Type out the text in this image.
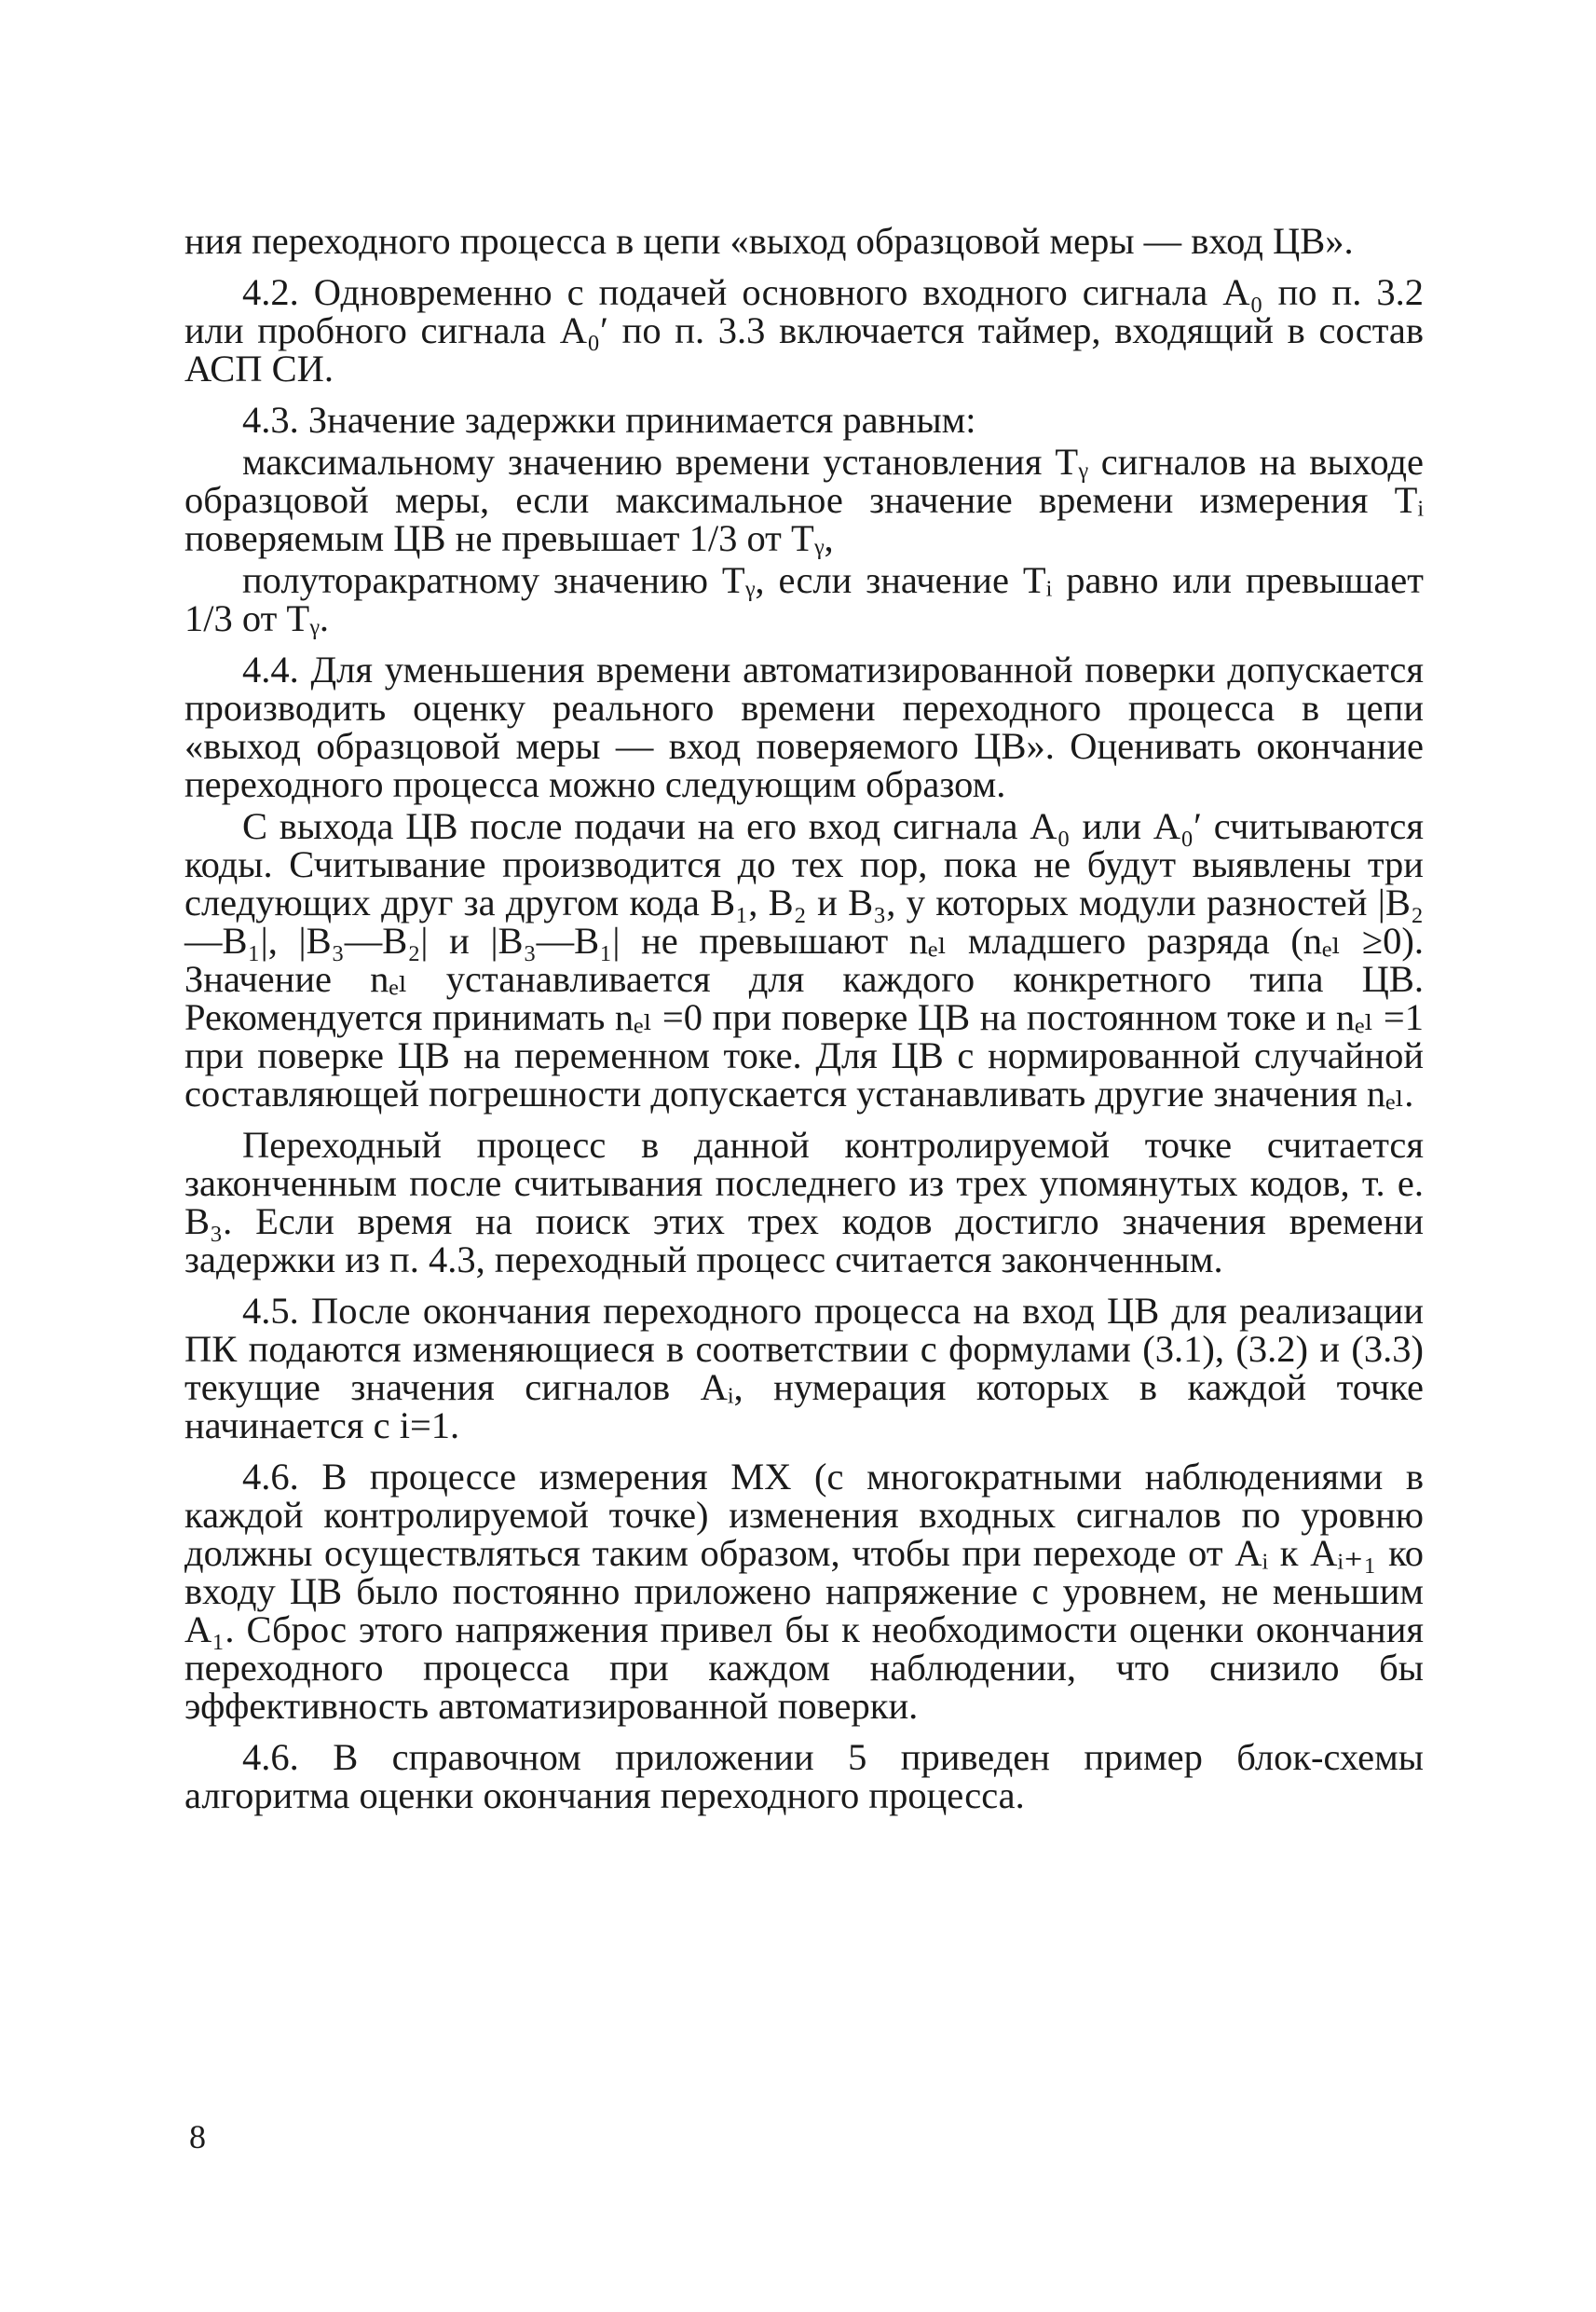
ния переходного процесса в цепи «выход образцовой меры — вход ЦВ».

4.2. Одновременно с подачей основного входного сигнала A₀ по п. 3.2 или пробного сигнала A₀′ по п. 3.3 включается таймер, входящий в состав АСП СИ.

4.3. Значение задержки принимается равным:

максимальному значению времени установления Tᵧ сигналов на выходе образцовой меры, если максимальное значение времени измерения Tᵢ поверяемым ЦВ не превышает 1/3 от Tᵧ,

полуторакратному значению Tᵧ, если значение Tᵢ равно или превышает 1/3 от Tᵧ.

4.4. Для уменьшения времени автоматизированной поверки допускается производить оценку реального времени переходного процесса в цепи «выход образцовой меры — вход поверяемого ЦВ». Оценивать окончание переходного процесса можно следующим образом.

С выхода ЦВ после подачи на его вход сигнала A₀ или A₀′ считываются коды. Считывание производится до тех пор, пока не будут выявлены три следующих друг за другом кода B₁, B₂ и B₃, у которых модули разностей |B₂—B₁|, |B₃—B₂| и |B₃—B₁| не превышают nₑₗ младшего разряда (nₑₗ ≥0). Значение nₑₗ устанавливается для каждого конкретного типа ЦВ. Рекомендуется принимать nₑₗ =0 при поверке ЦВ на постоянном токе и nₑₗ =1 при поверке ЦВ на переменном токе. Для ЦВ с нормированной случайной составляющей погрешности допускается устанавливать другие значения nₑₗ.

Переходный процесс в данной контролируемой точке считается законченным после считывания последнего из трех упомянутых кодов, т. е. B₃. Если время на поиск этих трех кодов достигло значения времени задержки из п. 4.3, переходный процесс считается законченным.

4.5. После окончания переходного процесса на вход ЦВ для реализации ПК подаются изменяющиеся в соответствии с формулами (3.1), (3.2) и (3.3) текущие значения сигналов Aᵢ, нумерация которых в каждой точке начинается с i=1.

4.6. В процессе измерения МХ (с многократными наблюдениями в каждой контролируемой точке) изменения входных сигналов по уровню должны осуществляться таким образом, чтобы при переходе от Aᵢ к Aᵢ₊₁ ко входу ЦВ было постоянно приложено напряжение с уровнем, не меньшим A₁. Сброс этого напряжения привел бы к необходимости оценки окончания переходного процесса при каждом наблюдении, что снизило бы эффективность автоматизированной поверки.

4.6. В справочном приложении 5 приведен пример блок-схемы алгоритма оценки окончания переходного процесса.

8
